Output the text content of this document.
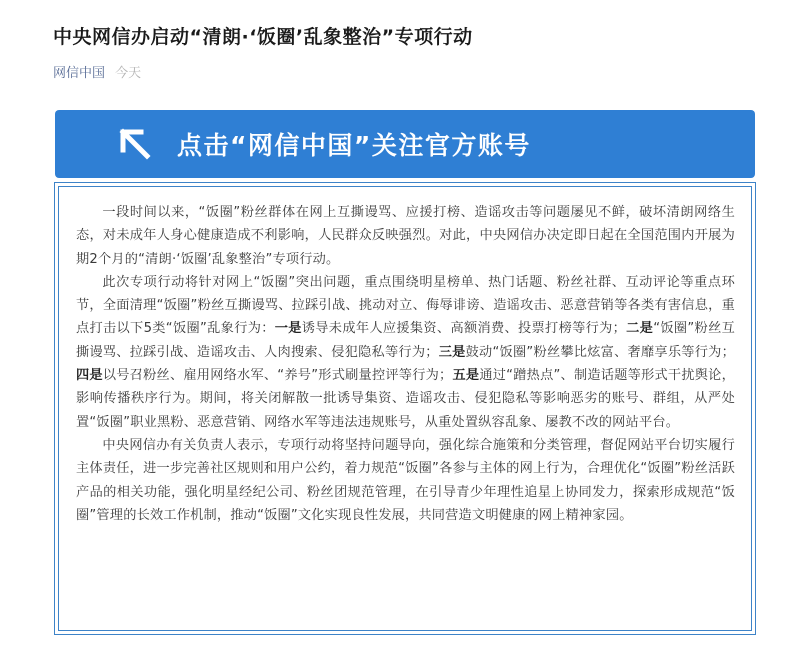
中央网信办启动“清朗·‘饭圈’乱象整治”专项行动
网信中国 今天
点击“网信中国”关注官方账号

一段时间以来，“饭圈”粉丝群体在网上互撕谩骂、应援打榜、造谣攻击等问题屡见不鲜，破坏清朗网络生态，对未成年人身心健康造成不利影响，人民群众反映强烈。对此，中央网信办决定即日起在全国范围内开展为期2个月的“清朗·‘饭圈’乱象整治”专项行动。

此次专项行动将针对网上“饭圈”突出问题，重点围绕明星榜单、热门话题、粉丝社群、互动评论等重点环节，全面清理“饭圈”粉丝互撕谩骂、拉踩引战、挑动对立、侮辱诽谤、造谣攻击、恶意营销等各类有害信息，重点打击以下5类“饭圈”乱象行为：一是诱导未成年人应援集资、高额消费、投票打榜等行为；二是“饭圈”粉丝互撕谩骂、拉踩引战、造谣攻击、人肉搜索、侵犯隐私等行为；三是鼓动“饭圈”粉丝攀比炫富、奢靡享乐等行为；四是以号召粉丝、雇用网络水军、“养号”形式刷量控评等行为；五是通过“蹭热点”、制造话题等形式干扰舆论，影响传播秩序行为。期间，将关闭解散一批诱导集资、造谣攻击、侵犯隐私等影响恶劣的账号、群组，从严处置“饭圈”职业黑粉、恶意营销、网络水军等违法违规账号，从重处置纵容乱象、屡教不改的网站平台。

中央网信办有关负责人表示，专项行动将坚持问题导向，强化综合施策和分类管理，督促网站平台切实履行主体责任，进一步完善社区规则和用户公约，着力规范“饭圈”各参与主体的网上行为，合理优化“饭圈”粉丝活跃产品的相关功能，强化明星经纪公司、粉丝团规范管理，在引导青少年理性追星上协同发力，探索形成规范“饭圈”管理的长效工作机制，推动“饭圈”文化实现良性发展，共同营造文明健康的网上精神家园。
